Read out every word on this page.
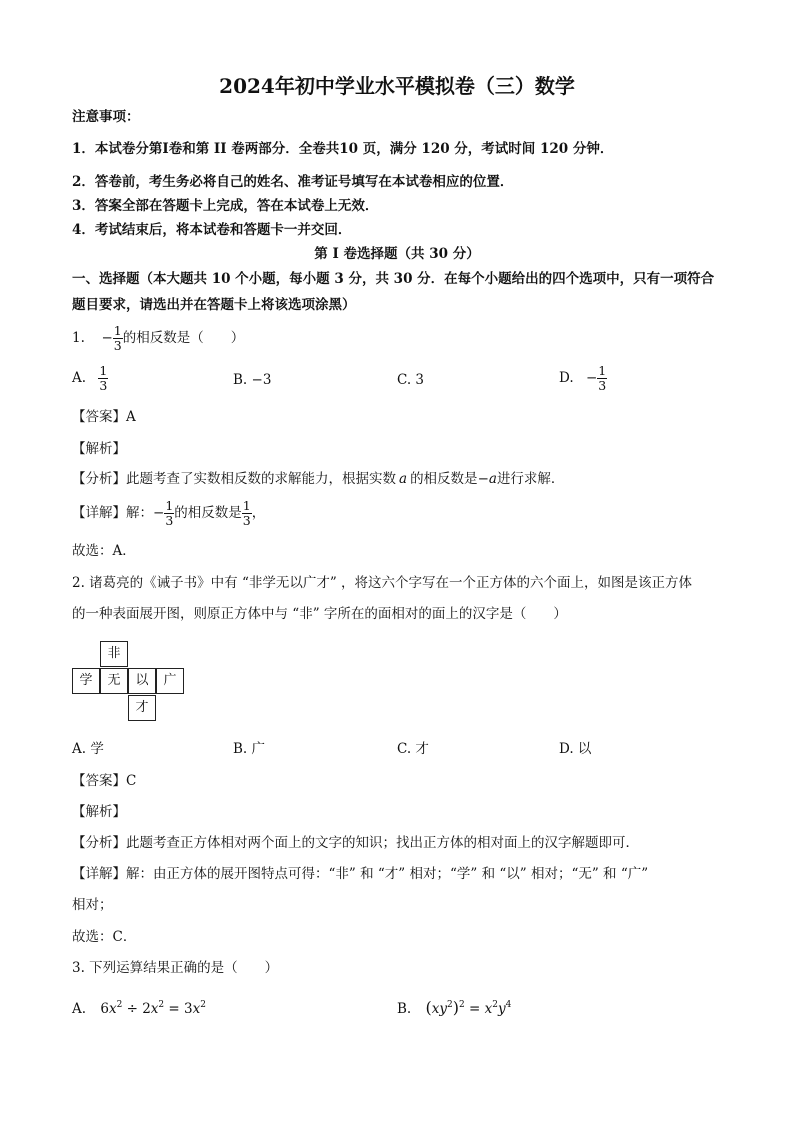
2024年初中学业水平模拟卷（三）数学
注意事项：
1．本试卷分第Ⅰ卷和第 II 卷两部分．全卷共10 页，满分 120 分，考试时间 120 分钟．
2．答卷前，考生务必将自己的姓名、准考证号填写在本试卷相应的位置．
3．答案全部在答题卡上完成，答在本试卷上无效．
4．考试结束后，将本试卷和答题卡一并交回．
第 I 卷选择题（共 30 分）
一、选择题（本大题共 10 个小题，每小题 3 分，共 30 分．在每个小题给出的四个选项中，只有一项符合
题目要求，请选出并在答题卡上将该选项涂黑）
1. − $\frac{1}{3}$ 的相反数是（　　）
A. $\frac{1}{3}$	B. −3	C. 3	D. − $\frac{1}{3}$
【答案】A
【解析】
【分析】此题考查了实数相反数的求解能力，根据实数 a 的相反数是−a进行求解．
【详解】解：− $\frac{1}{3}$ 的相反数是 $\frac{1}{3}$ ，
故选：A．
2. 诸葛亮的《诫子书》中有 “非学无以广才” ，将这六个字写在一个正方体的六个面上，如图是该正方体
的一种表面展开图，则原正方体中与 “非” 字所在的面相对的面上的汉字是（　　）
非
学	无	以	广
才
A. 学	B. 广	C. 才	D. 以
【答案】C
【解析】
【分析】此题考查正方体相对两个面上的文字的知识；找出正方体的相对面上的汉字解题即可．
【详解】解：由正方体的展开图特点可得：“非” 和 “才” 相对；“学” 和 “以” 相对；“无” 和 “广”
相对；
故选：C．
3. 下列运算结果正确的是（　　）
A. $6x^2 \div 2x^2 = 3x^2$	B. $(xy^2)^2 = x^2y^4$
